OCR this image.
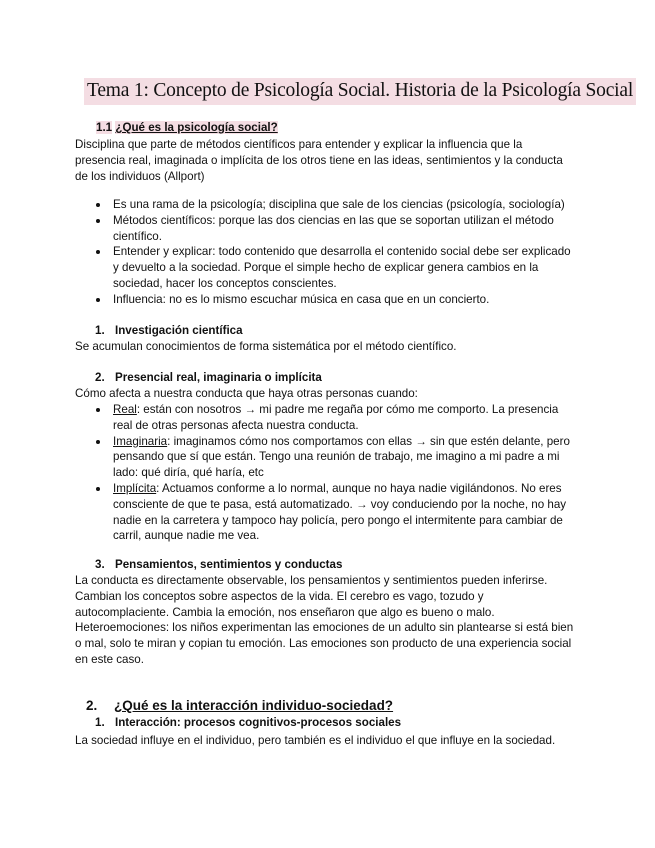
Tema 1: Concepto de Psicología Social. Historia de la Psicología Social
1.1 ¿Qué es la psicología social?
Disciplina que parte de métodos científicos para entender y explicar la influencia que la presencia real, imaginada o implícita de los otros tiene en las ideas, sentimientos y la conducta de los individuos (Allport)
Es una rama de la psicología; disciplina que sale de los ciencias (psicología, sociología)
Métodos científicos: porque las dos ciencias en las que se soportan utilizan el método científico.
Entender y explicar: todo contenido que desarrolla el contenido social debe ser explicado y devuelto a la sociedad. Porque el simple hecho de explicar genera cambios en la sociedad, hacer los conceptos conscientes.
Influencia: no es lo mismo escuchar música en casa que en un concierto.
1. Investigación científica
Se acumulan conocimientos de forma sistemática por el método científico.
2. Presencial real, imaginaria o implícita
Cómo afecta a nuestra conducta que haya otras personas cuando:
Real: están con nosotros → mi padre me regaña por cómo me comporto. La presencia real de otras personas afecta nuestra conducta.
Imaginaria: imaginamos cómo nos comportamos con ellas → sin que estén delante, pero pensando que sí que están. Tengo una reunión de trabajo, me imagino a mi padre a mi lado: qué diría, qué haría, etc
Implícita: Actuamos conforme a lo normal, aunque no haya nadie vigilándonos. No eres consciente de que te pasa, está automatizado. → voy conduciendo por la noche, no hay nadie en la carretera y tampoco hay policía, pero pongo el intermitente para cambiar de carril, aunque nadie me vea.
3. Pensamientos, sentimientos y conductas
La conducta es directamente observable, los pensamientos y sentimientos pueden inferirse. Cambian los conceptos sobre aspectos de la vida. El cerebro es vago, tozudo y autocomplaciente. Cambia la emoción, nos enseñaron que algo es bueno o malo. Heteroemociones: los niños experimentan las emociones de un adulto sin plantearse si está bien o mal, solo te miran y copian tu emoción. Las emociones son producto de una experiencia social en este caso.
2. ¿Qué es la interacción individuo-sociedad?
1. Interacción: procesos cognitivos-procesos sociales
La sociedad influye en el individuo, pero también es el individuo el que influye en la sociedad.
